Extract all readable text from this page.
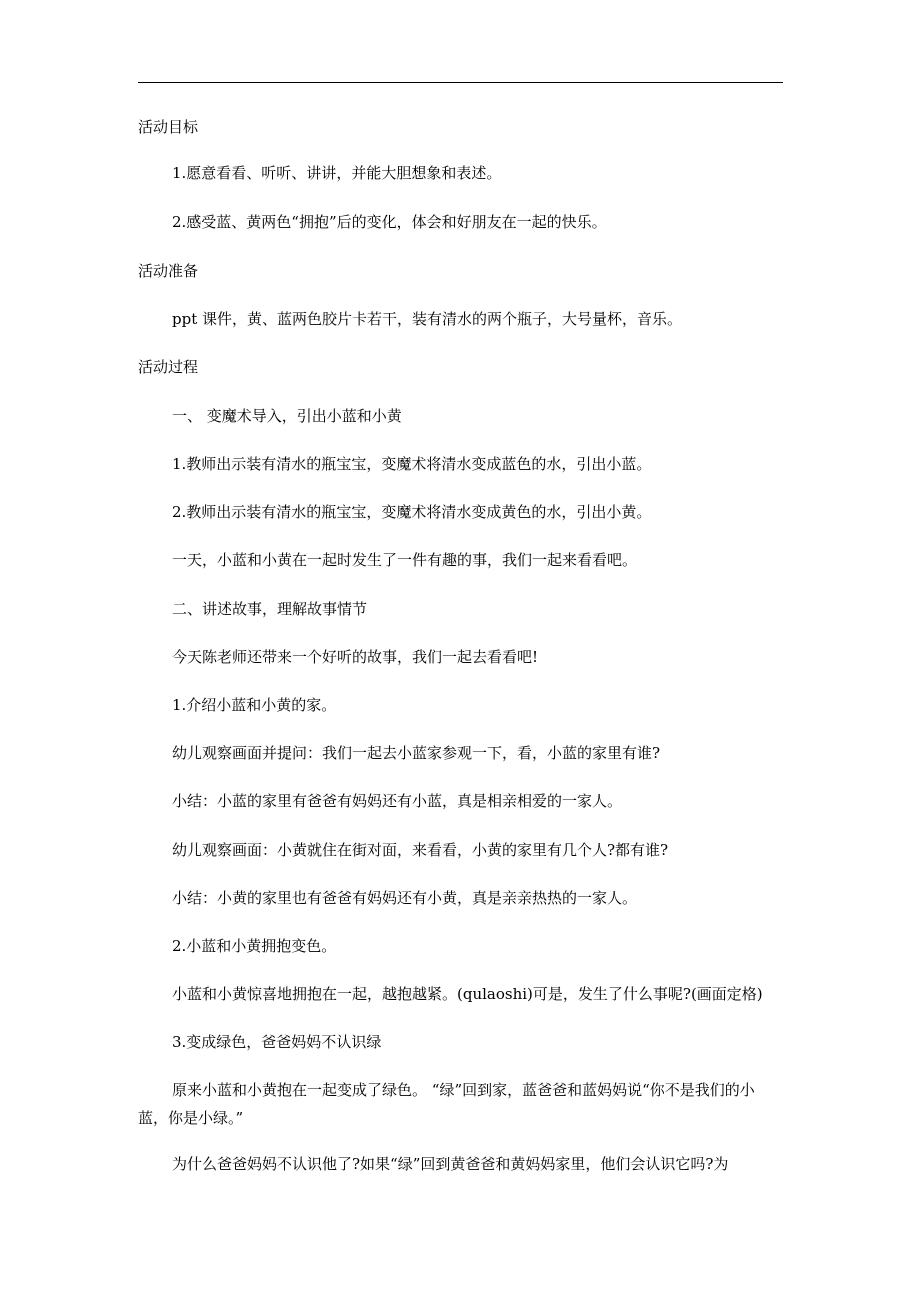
活动目标
1.愿意看看、听听、讲讲，并能大胆想象和表述。
2.感受蓝、黄两色“拥抱”后的变化，体会和好朋友在一起的快乐。
活动准备
ppt 课件，黄、蓝两色胶片卡若干，装有清水的两个瓶子，大号量杯，音乐。
活动过程
一、 变魔术导入，引出小蓝和小黄
1.教师出示装有清水的瓶宝宝，变魔术将清水变成蓝色的水，引出小蓝。
2.教师出示装有清水的瓶宝宝，变魔术将清水变成黄色的水，引出小黄。
一天，小蓝和小黄在一起时发生了一件有趣的事，我们一起来看看吧。
二、讲述故事，理解故事情节
今天陈老师还带来一个好听的故事，我们一起去看看吧!
1.介绍小蓝和小黄的家。
幼儿观察画面并提问：我们一起去小蓝家参观一下，看，小蓝的家里有谁?
小结：小蓝的家里有爸爸有妈妈还有小蓝，真是相亲相爱的一家人。
幼儿观察画面：小黄就住在街对面，来看看，小黄的家里有几个人?都有谁?
小结：小黄的家里也有爸爸有妈妈还有小黄，真是亲亲热热的一家人。
2.小蓝和小黄拥抱变色。
小蓝和小黄惊喜地拥抱在一起，越抱越紧。(qulaoshi)可是，发生了什么事呢?(画面定格)
3.变成绿色，爸爸妈妈不认识绿
原来小蓝和小黄抱在一起变成了绿色。 “绿”回到家，蓝爸爸和蓝妈妈说“你不是我们的小蓝，你是小绿。”
为什么爸爸妈妈不认识他了?如果“绿”回到黄爸爸和黄妈妈家里，他们会认识它吗?为
